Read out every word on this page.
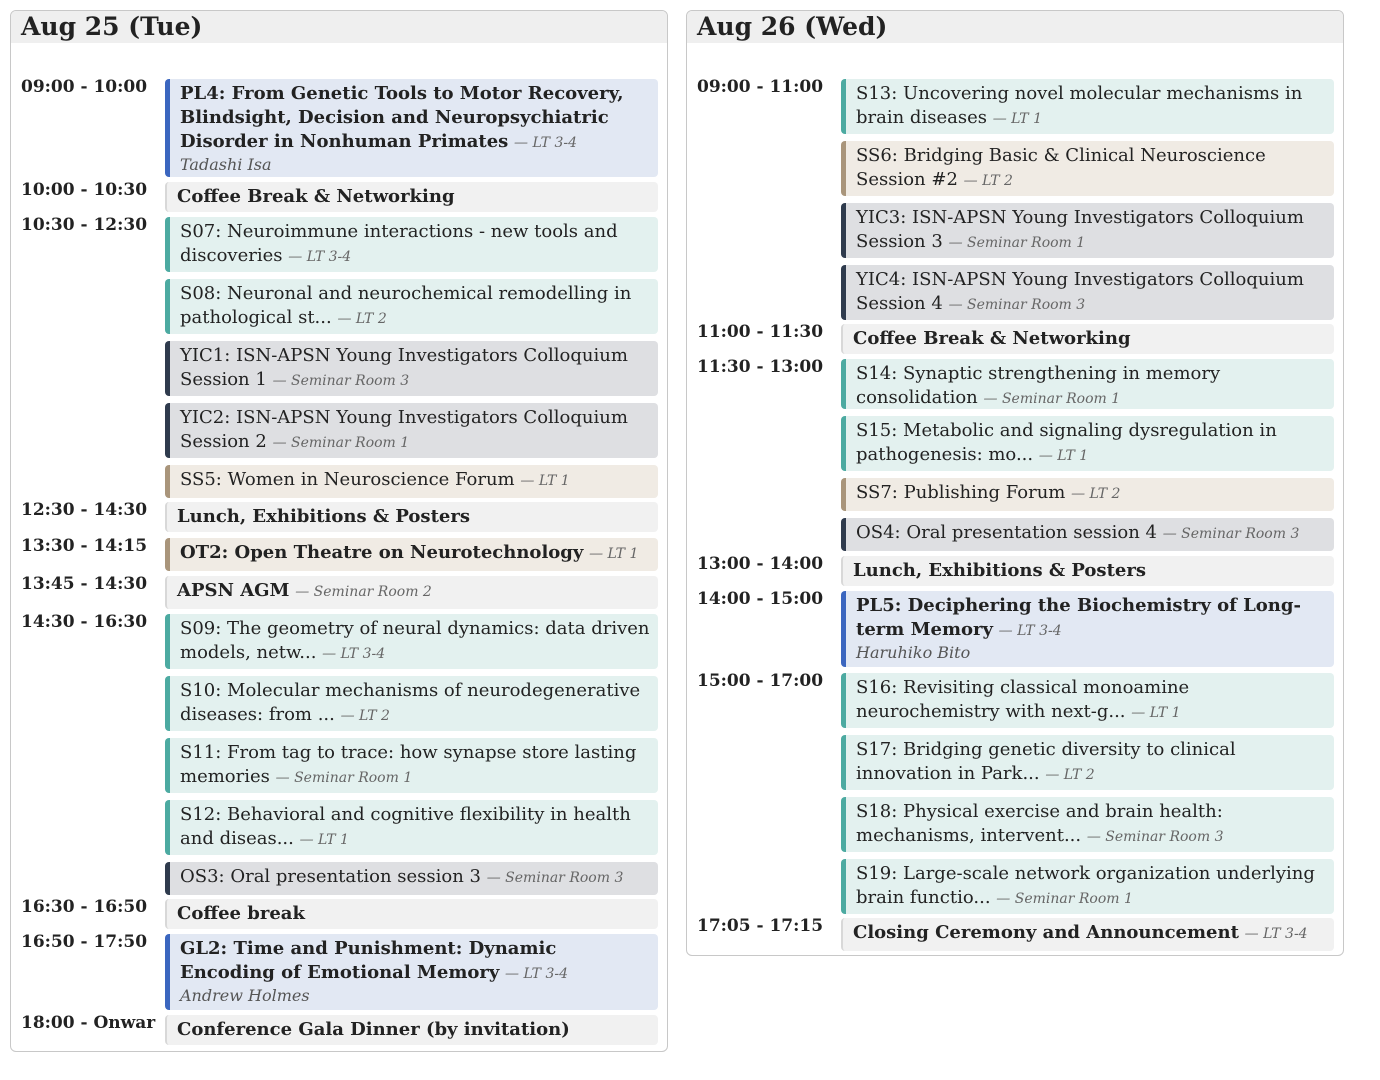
Aug 25 (Tue)
09:00 - 10:00	PL4: From Genetic Tools to Motor Recovery, Blindsight, Decision and Neuropsychiatric Disorder in Nonhuman Primates — LT 3-4
Tadashi Isa
10:00 - 10:30	Coffee Break & Networking
10:30 - 12:30	S07: Neuroimmune interactions - new tools and discoveries — LT 3-4
S08: Neuronal and neurochemical remodelling in pathological st... — LT 2
YIC1: ISN-APSN Young Investigators Colloquium Session 1 — Seminar Room 3
YIC2: ISN-APSN Young Investigators Colloquium Session 2 — Seminar Room 1
SS5: Women in Neuroscience Forum — LT 1
12:30 - 14:30	Lunch, Exhibitions & Posters
13:30 - 14:15	OT2: Open Theatre on Neurotechnology — LT 1
13:45 - 14:30	APSN AGM — Seminar Room 2
14:30 - 16:30	S09: The geometry of neural dynamics: data driven models, netw... — LT 3-4
S10: Molecular mechanisms of neurodegenerative diseases: from ... — LT 2
S11: From tag to trace: how synapse store lasting memories — Seminar Room 1
S12: Behavioral and cognitive flexibility in health and diseas... — LT 1
OS3: Oral presentation session 3 — Seminar Room 3
16:30 - 16:50	Coffee break
16:50 - 17:50	GL2: Time and Punishment: Dynamic Encoding of Emotional Memory — LT 3-4
Andrew Holmes
18:00 - Onwar	Conference Gala Dinner (by invitation)
Aug 26 (Wed)
09:00 - 11:00	S13: Uncovering novel molecular mechanisms in brain diseases — LT 1
SS6: Bridging Basic & Clinical Neuroscience Session #2 — LT 2
YIC3: ISN-APSN Young Investigators Colloquium Session 3 — Seminar Room 1
YIC4: ISN-APSN Young Investigators Colloquium Session 4 — Seminar Room 3
11:00 - 11:30	Coffee Break & Networking
11:30 - 13:00	S14: Synaptic strengthening in memory consolidation — Seminar Room 1
S15: Metabolic and signaling dysregulation in pathogenesis: mo... — LT 1
SS7: Publishing Forum — LT 2
OS4: Oral presentation session 4 — Seminar Room 3
13:00 - 14:00	Lunch, Exhibitions & Posters
14:00 - 15:00	PL5: Deciphering the Biochemistry of Long-term Memory — LT 3-4
Haruhiko Bito
15:00 - 17:00	S16: Revisiting classical monoamine neurochemistry with next-g... — LT 1
S17: Bridging genetic diversity to clinical innovation in Park... — LT 2
S18: Physical exercise and brain health: mechanisms, intervent... — Seminar Room 3
S19: Large-scale network organization underlying brain functio... — Seminar Room 1
17:05 - 17:15	Closing Ceremony and Announcement — LT 3-4
